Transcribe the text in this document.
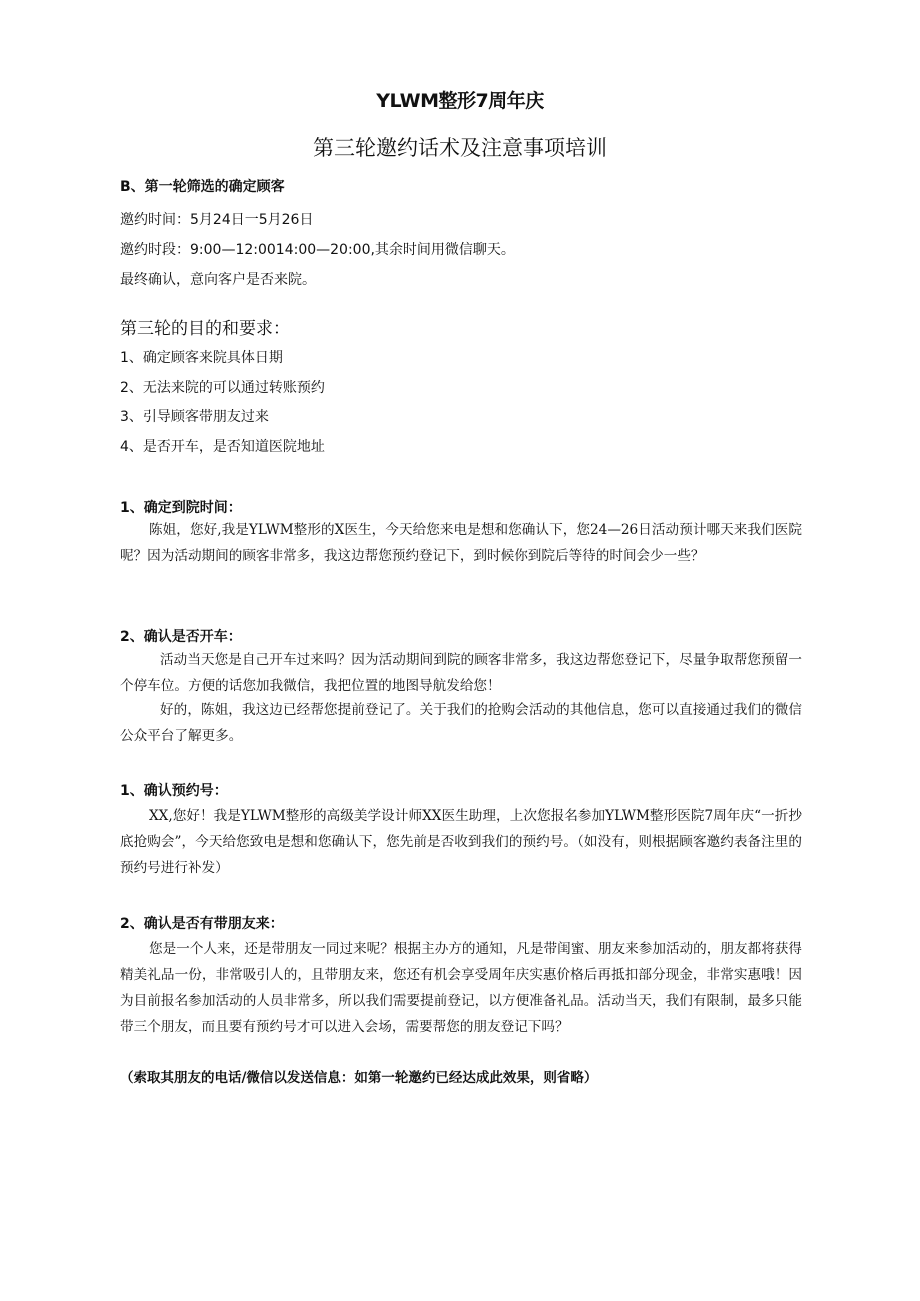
YLWM整形7周年庆
第三轮邀约话术及注意事项培训
B、第一轮筛选的确定顾客
邀约时间：5月24日一5月26日
邀约时段：9:00—12:0014:00—20:00,其余时间用微信聊天。
最终确认，意向客户是否来院。
第三轮的目的和要求：
1、确定顾客来院具体日期
2、无法来院的可以通过转账预约
3、引导顾客带朋友过来
4、是否开车，是否知道医院地址
1、确定到院时间：

陈姐，您好,我是YLWM整形的X医生，今天给您来电是想和您确认下，您24—26日活动预计哪天来我们医院呢？因为活动期间的顾客非常多，我这边帮您预约登记下，到时候你到院后等待的时间会少一些？

2、确认是否开车：

活动当天您是自己开车过来吗？因为活动期间到院的顾客非常多，我这边帮您登记下，尽量争取帮您预留一个停车位。方便的话您加我微信，我把位置的地图导航发给您！

好的，陈姐，我这边已经帮您提前登记了。关于我们的抢购会活动的其他信息，您可以直接通过我们的微信公众平台了解更多。

1、确认预约号：

XX,您好！我是YLWM整形的高级美学设计师XX医生助理，上次您报名参加YLWM整形医院7周年庆“一折抄底抢购会”，今天给您致电是想和您确认下，您先前是否收到我们的预约号。（如没有，则根据顾客邀约表备注里的预约号进行补发）

2、确认是否有带朋友来：

您是一个人来，还是带朋友一同过来呢？根据主办方的通知，凡是带闺蜜、朋友来参加活动的，朋友都将获得精美礼品一份，非常吸引人的，且带朋友来，您还有机会享受周年庆实惠价格后再抵扣部分现金，非常实惠哦！因为目前报名参加活动的人员非常多，所以我们需要提前登记，以方便准备礼品。活动当天，我们有限制，最多只能带三个朋友，而且要有预约号才可以进入会场，需要帮您的朋友登记下吗？

（索取其朋友的电话/微信以发送信息：如第一轮邀约已经达成此效果，则省略）
